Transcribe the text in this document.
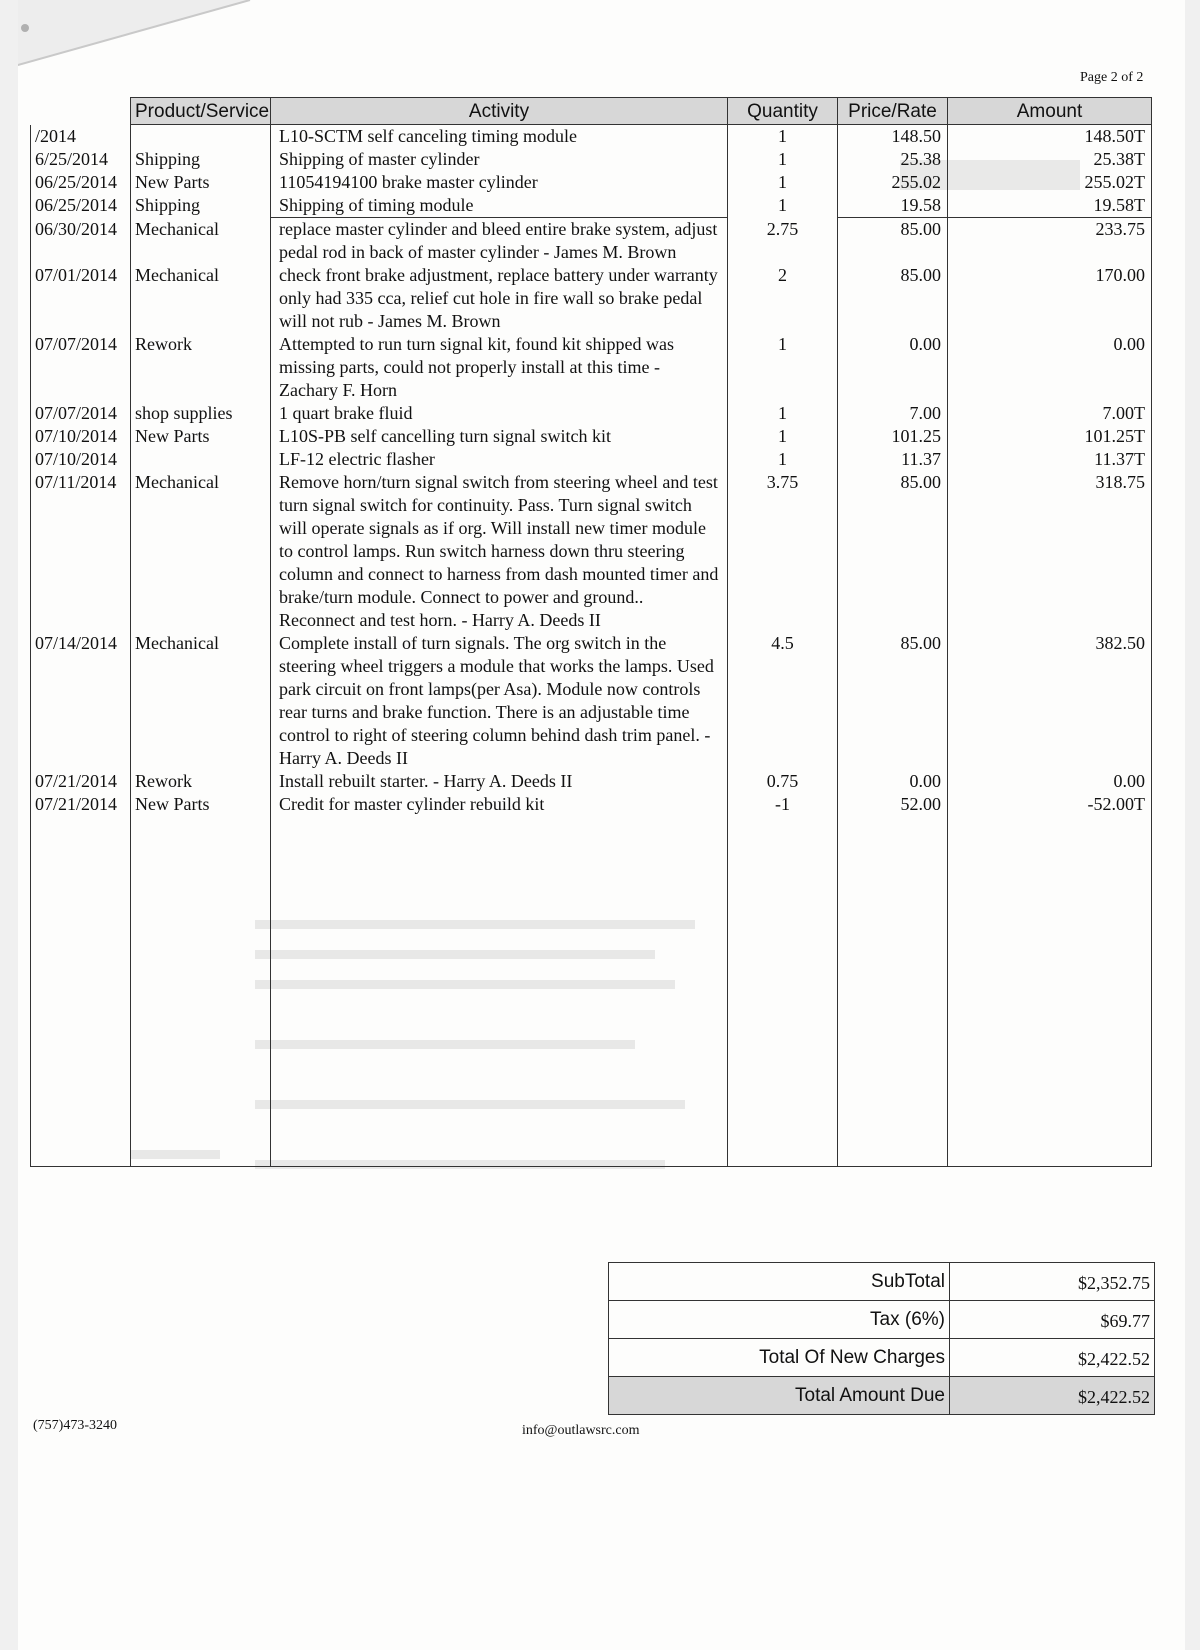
Page 2 of 2
	Product/Service	Activity	Quantity	Price/Rate	Amount
/2014		L10-SCTM self canceling timing module	1	148.50	148.50T
6/25/2014	Shipping	Shipping of master cylinder	1	25.38	25.38T
06/25/2014	New Parts	11054194100 brake master cylinder	1	255.02	255.02T
06/25/2014	Shipping	Shipping of timing module	1	19.58	19.58T
06/30/2014	Mechanical	replace master cylinder and bleed entire brake system, adjust pedal rod in back of master cylinder - James M. Brown	2.75	85.00	233.75
07/01/2014	Mechanical	check front brake adjustment, replace battery under warranty only had 335 cca, relief cut hole in fire wall so brake pedal will not rub - James M. Brown	2	85.00	170.00
07/07/2014	Rework	Attempted to run turn signal kit, found kit shipped was missing parts, could not properly install at this time - Zachary F. Horn	1	0.00	0.00
07/07/2014	shop supplies	1 quart brake fluid	1	7.00	7.00T
07/10/2014	New Parts	L10S-PB self cancelling turn signal switch kit	1	101.25	101.25T
07/10/2014		LF-12 electric flasher	1	11.37	11.37T
07/11/2014	Mechanical	Remove horn/turn signal switch from steering wheel and test turn signal switch for continuity. Pass. Turn signal switch will operate signals as if org. Will install new timer module to control lamps. Run switch harness down thru steering column and connect to harness from dash mounted timer and brake/turn module. Connect to power and ground.. Reconnect and test horn. - Harry A. Deeds II	3.75	85.00	318.75
07/14/2014	Mechanical	Complete install of turn signals. The org switch in the steering wheel triggers a module that works the lamps. Used park circuit on front lamps(per Asa). Module now controls rear turns and brake function. There is an adjustable time control to right of steering column behind dash trim panel. - Harry A. Deeds II	4.5	85.00	382.50
07/21/2014	Rework	Install rebuilt starter. - Harry A. Deeds II	0.75	0.00	0.00
07/21/2014	New Parts	Credit for master cylinder rebuild kit	-1	52.00	-52.00T

SubTotal	$2,352.75
Tax (6%)	$69.77
Total Of New Charges	$2,422.52
Total Amount Due	$2,422.52
(757)473-3240	info@outlawsrc.com
